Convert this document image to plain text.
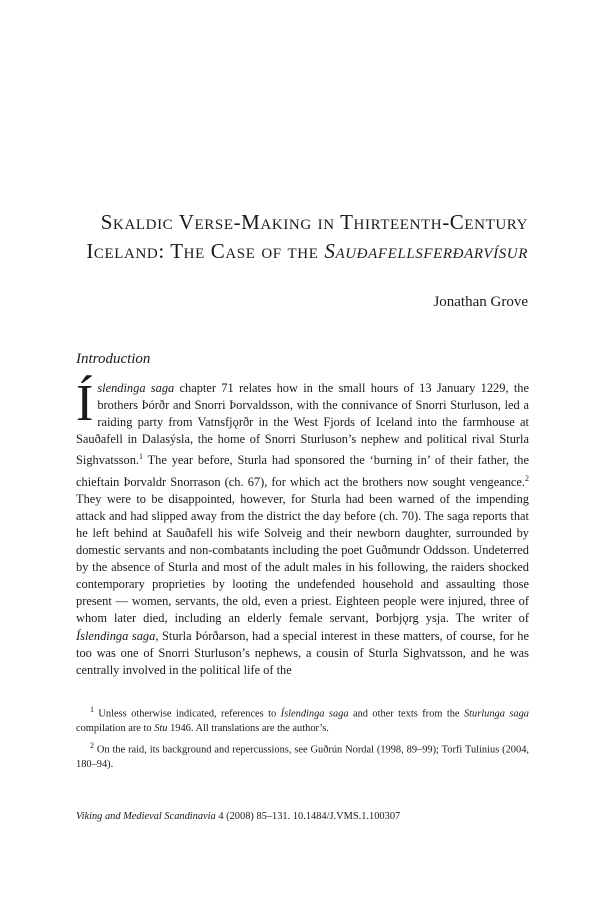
Skaldic Verse-Making in Thirteenth-Century
Iceland: The Case of the Sauðafellsferðarvísur
Jonathan Grove
Introduction

Íslendinga saga chapter 71 relates how in the small hours of 13 January 1229, the brothers Þórðr and Snorri Þorvaldsson, with the connivance of Snorri Sturluson, led a raiding party from Vatnsfjǫrðr in the West Fjords of Iceland into the farmhouse at Sauðafell in Dalasýsla, the home of Snorri Sturluson’s nephew and political rival Sturla Sighvatsson.$^1$ The year before, Sturla had sponsored the ‘burning in’ of their father, the chieftain Þorvaldr Snorrason (ch. 67), for which act the brothers now sought vengeance.$^2$ They were to be disappointed, however, for Sturla had been warned of the impending attack and had slipped away from the district the day before (ch. 70). The saga reports that he left behind at Sauðafell his wife Solveig and their newborn daughter, surrounded by domestic servants and non-combatants including the poet Guðmundr Oddsson. Undeterred by the absence of Sturla and most of the adult males in his following, the raiders shocked contemporary proprieties by looting the undefended household and assaulting those present — women, servants, the old, even a priest. Eighteen people were injured, three of whom later died, including an elderly female servant, Þorbjǫrg ysja. The writer of Íslendinga saga, Sturla Þórðarson, had a special interest in these matters, of course, for he too was one of Snorri Sturluson’s nephews, a cousin of Sturla Sighvatsson, and he was centrally involved in the political life of the

$^1$ Unless otherwise indicated, references to Íslendinga saga and other texts from the Sturlunga saga compilation are to Stu 1946. All translations are the author’s.
$^2$ On the raid, its background and repercussions, see Guðrún Nordal (1998, 89–99); Torfi Tulinius (2004, 180–94).
Viking and Medieval Scandinavia 4 (2008) 85–131. 10.1484/J.VMS.1.100307
